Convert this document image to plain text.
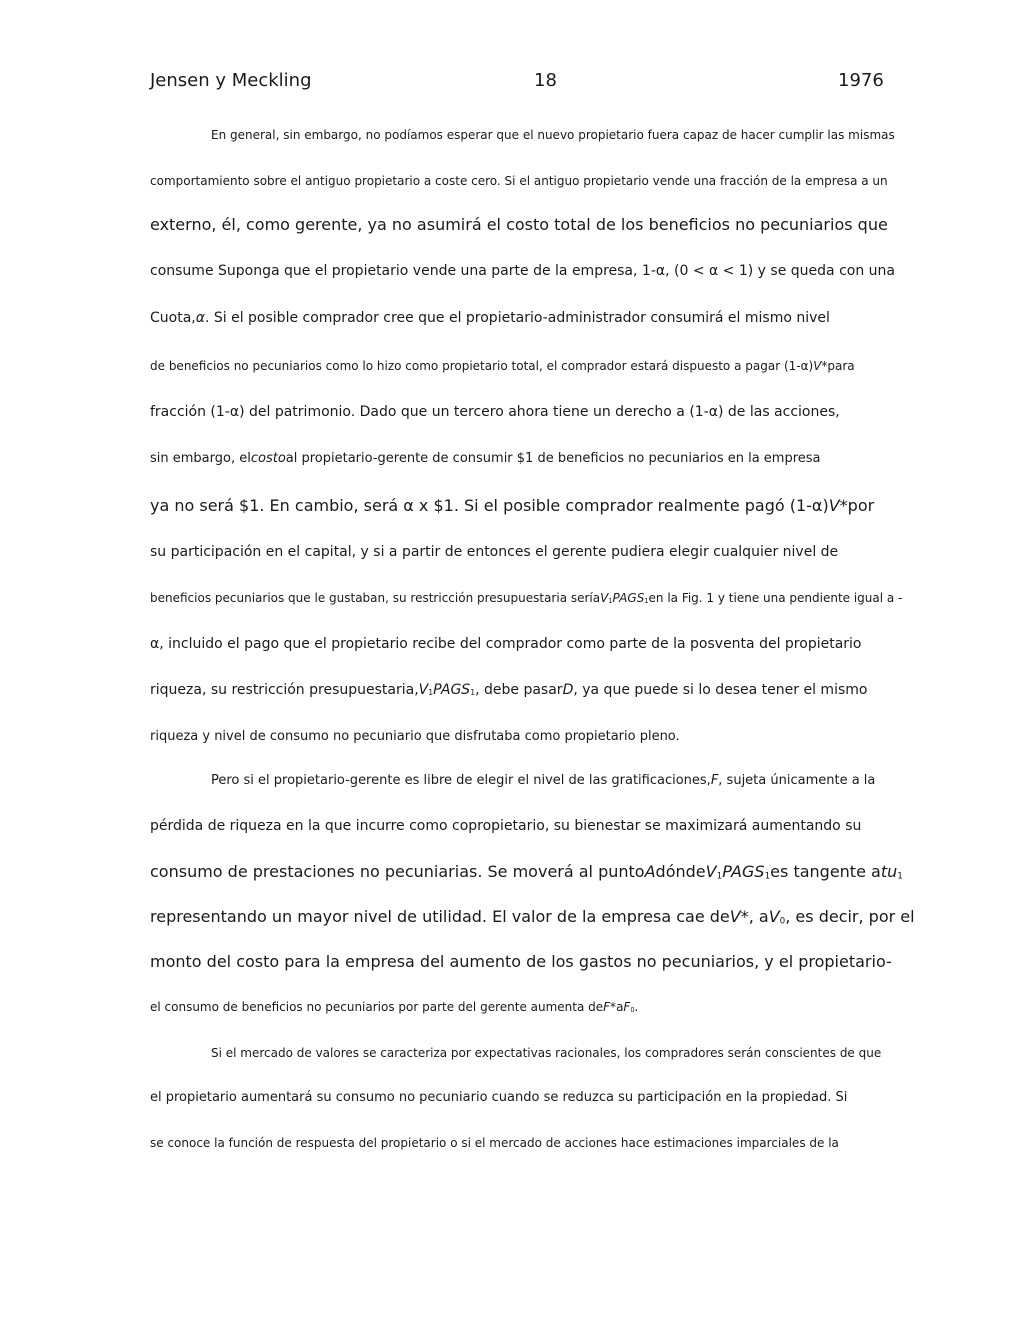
Jensen y Meckling	18	1976
En general, sin embargo, no podíamos esperar que el nuevo propietario fuera capaz de hacer cumplir las mismas
comportamiento sobre el antiguo propietario a coste cero. Si el antiguo propietario vende una fracción de la empresa a un
externo, él, como gerente, ya no asumirá el costo total de los beneficios no pecuniarios que
consume Suponga que el propietario vende una parte de la empresa, 1-α, (0 < α < 1) y se queda con una
Cuota,α. Si el posible comprador cree que el propietario-administrador consumirá el mismo nivel
de beneficios no pecuniarios como lo hizo como propietario total, el comprador estará dispuesto a pagar (1-α)V*para
fracción (1-α) del patrimonio. Dado que un tercero ahora tiene un derecho a (1-α) de las acciones,
sin embargo, elcostoal propietario-gerente de consumir $1 de beneficios no pecuniarios en la empresa
ya no será $1. En cambio, será α x $1. Si el posible comprador realmente pagó (1-α)V*por
su participación en el capital, y si a partir de entonces el gerente pudiera elegir cualquier nivel de
beneficios pecuniarios que le gustaban, su restricción presupuestaria $seríaV_1PAGS_1en$ la Fig. 1 y tiene una pendiente igual a -
α, incluido el pago que el propietario recibe del comprador como parte de la posventa del propietario
riqueza, su restricción $presupuestaria,V_1PAGS_1$, debe pasarD, ya que puede si lo desea tener el mismo
riqueza y nivel de consumo no pecuniario que disfrutaba como propietario pleno.
Pero si el propietario-gerente es libre de elegir el nivel de las gratificaciones,F, sujeta únicamente a la
pérdida de riqueza en la que incurre como copropietario, su bienestar se maximizará aumentando su
consumo de prestaciones no pecuniarias. Se moverá al $puntoAdóndeV_1PAGS_1es$ tangente atu$_1$
representando un mayor nivel de utilidad. El valor de la empresa cae deV*, $aV_0$, es decir, por el
monto del costo para la empresa del aumento de los gastos no pecuniarios, y el propietario-
el consumo de beneficios no pecuniarios por parte del gerente aumenta $deF*aF_0$.
Si el mercado de valores se caracteriza por expectativas racionales, los compradores serán conscientes de que
el propietario aumentará su consumo no pecuniario cuando se reduzca su participación en la propiedad. Si
se conoce la función de respuesta del propietario o si el mercado de acciones hace estimaciones imparciales de la
